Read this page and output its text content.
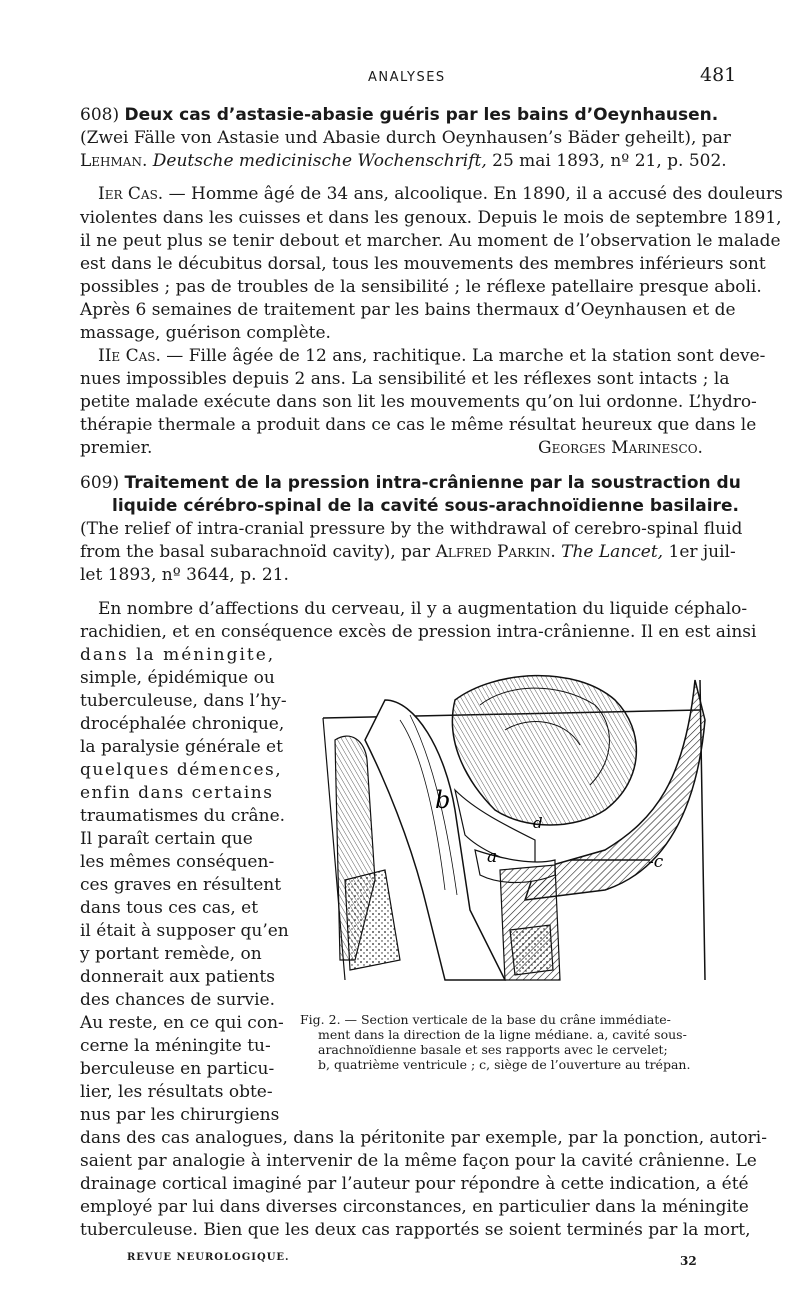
ANALYSES	481
608) Deux cas d’astasie-abasie guéris par les bains d’Oeynhausen.
(Zwei Fälle von Astasie und Abasie durch Oeynhausen’s Bäder geheilt), par
Lehman. Deutsche medicinische Wochenschrift, 25 mai 1893, nº 21, p. 502.
Ier Cas. — Homme âgé de 34 ans, alcoolique. En 1890, il a accusé des douleurs
violentes dans les cuisses et dans les genoux. Depuis le mois de septembre 1891,
il ne peut plus se tenir debout et marcher. Au moment de l’observation le malade
est dans le décubitus dorsal, tous les mouvements des membres inférieurs sont
possibles ; pas de troubles de la sensibilité ; le réflexe patellaire presque aboli.
Après 6 semaines de traitement par les bains thermaux d’Oeynhausen et de
massage, guérison complète.
IIe Cas. — Fille âgée de 12 ans, rachitique. La marche et la station sont deve-
nues impossibles depuis 2 ans. La sensibilité et les réflexes sont intacts ; la
petite malade exécute dans son lit les mouvements qu’on lui ordonne. L’hydro-
thérapie thermale a produit dans ce cas le même résultat heureux que dans le
premier.	Georges Marinesco.
609) Traitement de la pression intra-crânienne par la soustraction du
liquide cérébro-spinal de la cavité sous-arachnoïdienne basilaire.
(The relief of intra-cranial pressure by the withdrawal of cerebro-spinal fluid
from the basal subarachnoïd cavity), par Alfred Parkin. The Lancet, 1er juil-
let 1893, nº 3644, p. 21.
En nombre d’affections du cerveau, il y a augmentation du liquide céphalo-
rachidien, et en conséquence excès de pression intra-crânienne. Il en est ainsi
dans la méningite,
simple, épidémique ou
tuberculeuse, dans l’hy-
drocéphalée chronique,
la paralysie générale et
quelques démences,
enfin dans certains
traumatismes du crâne.
Il paraît certain que
les mêmes conséquen-
ces graves en résultent
dans tous ces cas, et
il était à supposer qu’en
y portant remède, on
donnerait aux patients
des chances de survie.
Au reste, en ce qui con-
cerne la méningite tu-
berculeuse en particu-
lier, les résultats obte-
nus par les chirurgiens
b
a	-c
d
Fig. 2. — Section verticale de la base du crâne immédiate-
ment dans la direction de la ligne médiane. a, cavité sous-
arachnoïdienne basale et ses rapports avec le cervelet;
b, quatrième ventricule ; c, siège de l’ouverture au trépan.
dans des cas analogues, dans la péritonite par exemple, par la ponction, autori-
saient par analogie à intervenir de la même façon pour la cavité crânienne. Le
drainage cortical imaginé par l’auteur pour répondre à cette indication, a été
employé par lui dans diverses circonstances, en particulier dans la méningite
tuberculeuse. Bien que les deux cas rapportés se soient terminés par la mort,
REVUE NEUROLOGIQUE.	32
